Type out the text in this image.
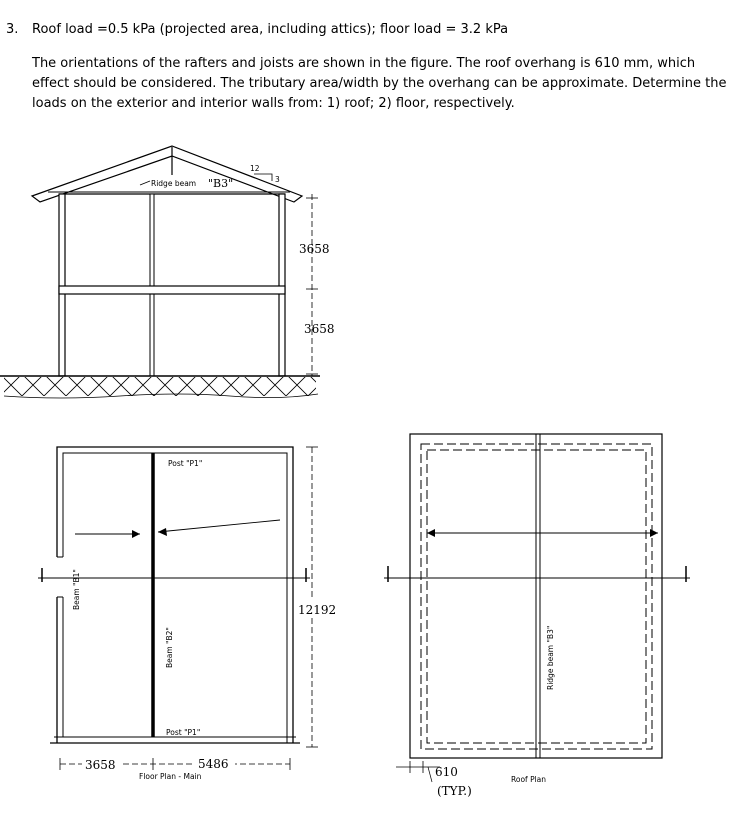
3. Roof load =0.5 kPa (projected area, including attics); floor load = 3.2 kPa
The orientations of the rafters and joists are shown in the figure. The roof overhang is 610 mm, which effect should be considered. The tributary area/width by the overhang can be approximate. Determine the loads on the exterior and interior walls from: 1) roof; 2) floor, respectively.
3658
3658
Ridge beam "B3"
12
3
Post "P1"
Post "P1"
Beam "B1"
Beam "B2"
12192
3658	5486
Floor Plan - Main
Ridge beam "B3"
610
(TYP.)
Roof Plan
